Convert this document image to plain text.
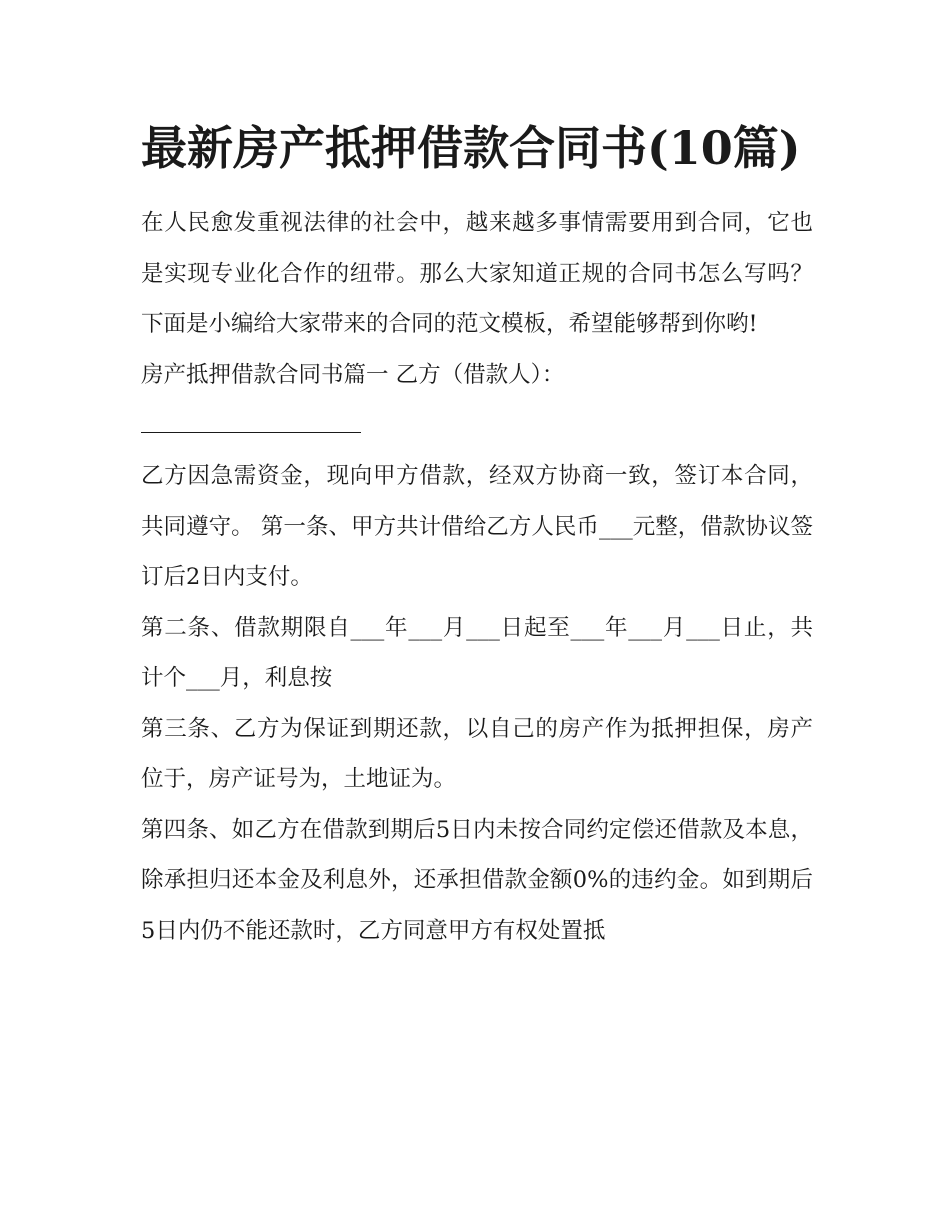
最新房产抵押借款合同书(10篇)

在人民愈发重视法律的社会中，越来越多事情需要用到合同，它也是实现专业化合作的纽带。那么大家知道正规的合同书怎么写吗？下面是小编给大家带来的合同的范文模板，希望能够帮到你哟!

房产抵押借款合同书篇一 乙方（借款人）：

乙方因急需资金，现向甲方借款，经双方协商一致，签订本合同，共同遵守。 第一条、甲方共计借给乙方人民币___元整，借款协议签订后2日内支付。

第二条、借款期限自___年___月___日起至___年___月___日止，共计个___月，利息按

第三条、乙方为保证到期还款，以自己的房产作为抵押担保，房产位于，房产证号为，土地证为。

第四条、如乙方在借款到期后5日内未按合同约定偿还借款及本息，除承担归还本金及利息外，还承担借款金额0%的违约金。如到期后5日内仍不能还款时，乙方同意甲方有权处置抵
